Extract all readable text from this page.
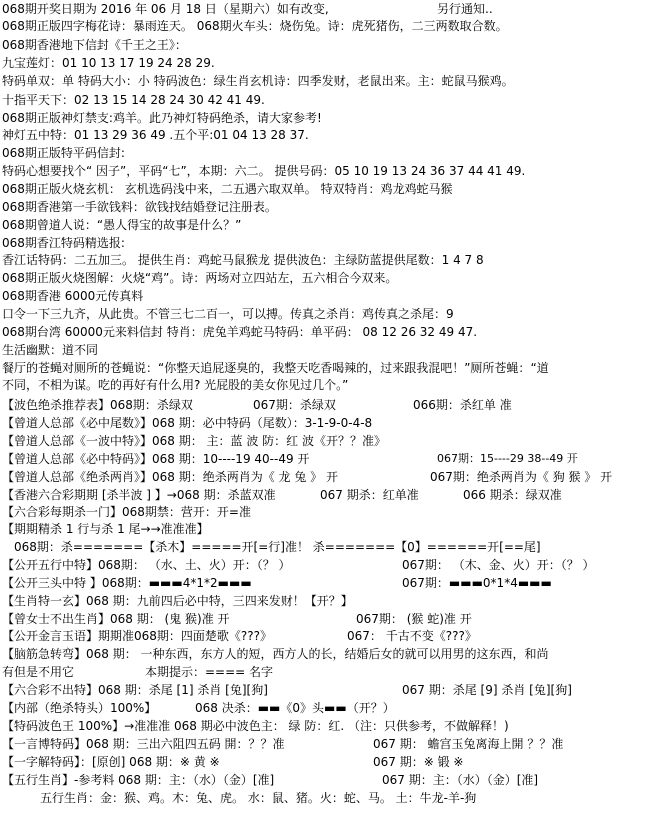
068期开奖日期为 2016 年 06 月 18 日（星期六）如有改变,	另行通知..
068期正版四字梅花诗：暴雨连天。 068期火车头：烧伤兔。诗：虎死猪伤，二三两数取合数。
068期香港地下信封《千王之王》：
九宝莲灯：01 10 13 17 19 24 28 29.
特码单双：单 特码大小：小 特码波色：绿生肖玄机诗：四季发财，老鼠出来。主：蛇鼠马猴鸡。
十指平天下：02 13 15 14 28 24 30 42 41 49.
068期正版神灯禁支:鸡羊。此乃神灯特码绝杀，请大家参考!
神灯五中特：01 13 29 36 49 .五个平:01 04 13 28 37.
068期正版特平码信封:
特码心想要找个“ 因子”，平码“七”，本期：六二。 提供号码：05 10 19 13 24 36 37 44 41 49.
068期正版火烧玄机： 玄机选码浅中来，二五遇六取双单。 特双特肖：鸡龙鸡蛇马猴
068期香港第一手欲钱料：欲钱找结婚登记注册表。
068期曾道人说：“愚人得宝的故事是什么？”
068期香江特码精选报:
香江话特码：二五加三。 提供生肖：鸡蛇马鼠猴龙 提供波色：主绿防蓝提供尾数：1 4 7 8
068期正版火烧图解：火烧“鸡”。诗：两场对立四站左，五六相合今双来。
068期香港 6000元传真料
口令一下三九齐，从此贵。不管三七二百一，可以搏。传真之杀肖：鸡传真之杀尾：9
068期台湾 60000元来料信封 特肖：虎兔羊鸡蛇马特码：单平码： 08 12 26 32 49 47.
生活幽默：道不同
餐厅的苍蝇对厕所的苍蝇说：“你整天追屁逐臭的，我整天吃香喝辣的，过来跟我混吧！”厕所苍蝇：“道
不同，不相为谋。吃的再好有什么用? 光屁股的美女你见过几个。”
【波色绝杀推荐表】068期：杀绿双	067期：杀绿双	066期：杀红单 准
【曾道人总部《必中尾数》】068 期：必中特码（尾数）：3-1-9-0-4-8
【曾道人总部《一波中特》】068 期： 主：蓝 波 防：红 波《开？？准》
【曾道人总部《必中特码》】068 期：10----19 40--49 开	067期：15----29 38--49 开
【曾道人总部《绝杀两肖》】068 期：绝杀两肖为《 龙 兔 》 开	067期：绝杀两肖为《 狗 猴 》 开
【香港六合彩期期 [杀半波 ] 】→068 期：杀蓝双准	067 期杀：红单准	066 期杀：绿双准
【六合彩每期杀一门】068期禁：营开：开=准
【期期精杀 1 行与杀 1 尾→→准准准】
068期：杀=======【杀木】=====开[=行]准！ 杀=======【0】======开[==尾]
【公开五行中特】068期： （水、土、火）开：（？ ）	067期： （木、金、火）开：（？ ）
【公开三头中特 】068期：▬▬▬4*1*2▬▬▬	067期：▬▬▬0*1*4▬▬▬
【生肖特一玄】068 期：九前四后必中特，三四来发财！【开？】
【曾女士不出生肖】068 期： (鬼 猴)准 开	067期： (猴 蛇)准 开
【公开金言玉语】期期准068期：四面楚歌《???》	067： 千古不变《???》
【脑筋急转弯】068 期： 一种东西，东方人的短，西方人的长，结婚后女的就可以用男的这东西，和尚
有但是不用它	本期提示：==== 名字
【六合彩不出特】068 期：杀尾 [1] 杀肖 [兔][狗]	067 期：杀尾 [9] 杀肖 [兔][狗]
【内部（绝杀特头）100%】	068 决杀：▬▬《0》头▬▬（开？）
【特码波色王 100%】→准准准 068 期必中波色主： 绿 防：红. （注：只供参考，不做解释！)
【一言博特码】068 期：三出六阻四五码 開：？？准	067 期： 蟾宫玉兔离海上開 ？？准
【一字解特码】：[原创] 068 期：※ 黄 ※	067 期：※ 锻 ※
【五行生肖】-参考料 068 期：主：（水）（金）[准]	067 期：主：（水）（金）[准]
五行生肖：金：猴、鸡。木：兔、虎。 水：鼠、猪。火：蛇、马。 土：牛龙-羊-狗
